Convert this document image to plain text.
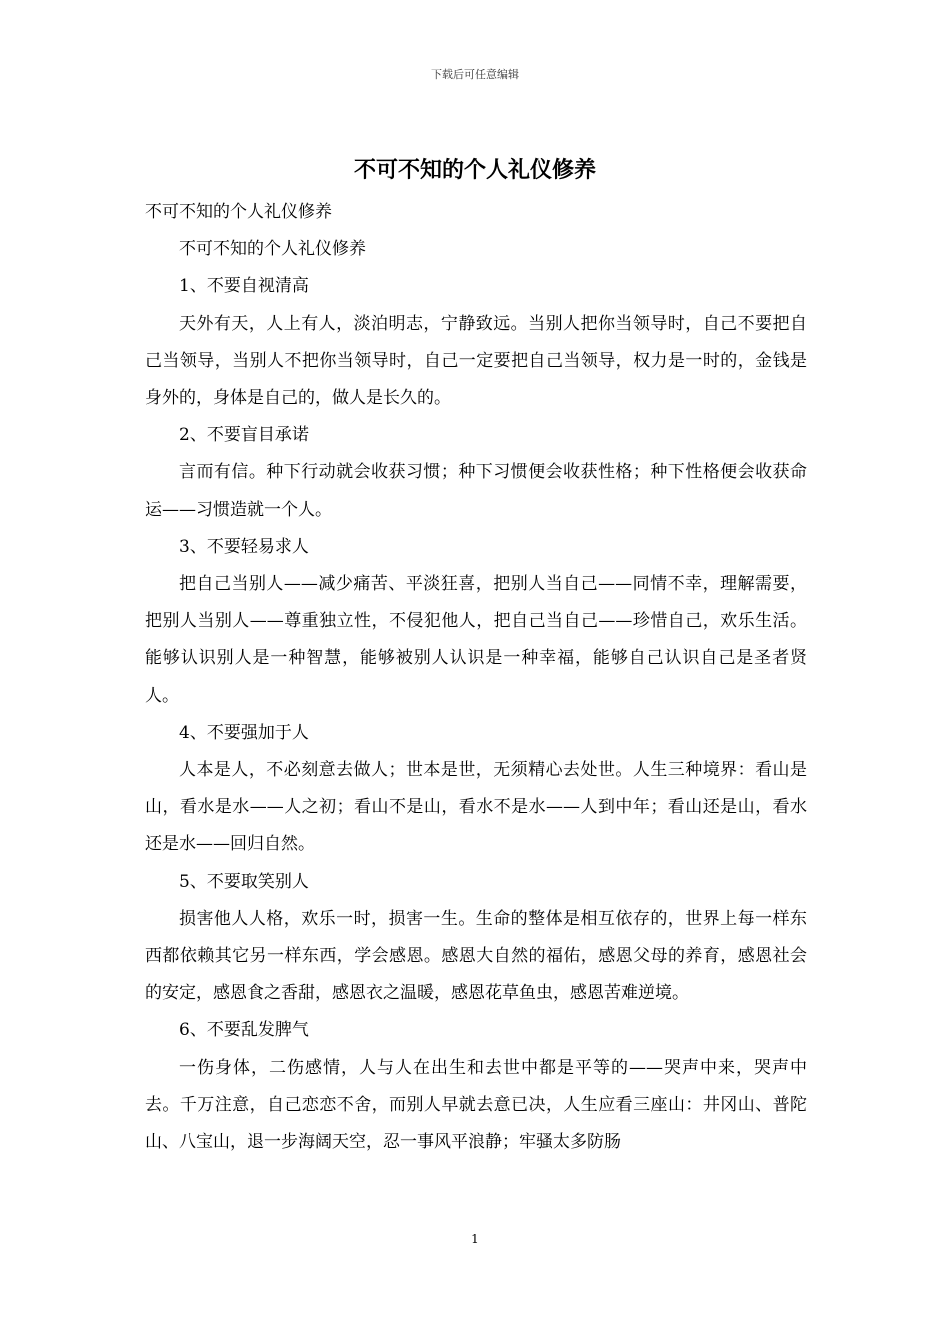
下载后可任意编辑
不可不知的个人礼仪修养

不可不知的个人礼仪修养

不可不知的个人礼仪修养

1、不要自视清高

天外有天，人上有人，淡泊明志，宁静致远。当别人把你当领导时，自己不要把自己当领导，当别人不把你当领导时，自己一定要把自己当领导，权力是一时的，金钱是身外的，身体是自己的，做人是长久的。

2、不要盲目承诺

言而有信。种下行动就会收获习惯；种下习惯便会收获性格；种下性格便会收获命运——习惯造就一个人。

3、不要轻易求人

把自己当别人——减少痛苦、平淡狂喜，把别人当自己——同情不幸，理解需要，把别人当别人——尊重独立性，不侵犯他人，把自己当自己——珍惜自己，欢乐生活。能够认识别人是一种智慧，能够被别人认识是一种幸福，能够自己认识自己是圣者贤人。

4、不要强加于人

人本是人，不必刻意去做人；世本是世，无须精心去处世。人生三种境界：看山是山，看水是水——人之初；看山不是山，看水不是水——人到中年；看山还是山，看水还是水——回归自然。

5、不要取笑别人

损害他人人格，欢乐一时，损害一生。生命的整体是相互依存的，世界上每一样东西都依赖其它另一样东西，学会感恩。感恩大自然的福佑，感恩父母的养育，感恩社会的安定，感恩食之香甜，感恩衣之温暖，感恩花草鱼虫，感恩苦难逆境。

6、不要乱发脾气

一伤身体，二伤感情，人与人在出生和去世中都是平等的——哭声中来，哭声中去。千万注意，自己恋恋不舍，而别人早就去意已决，人生应看三座山：井冈山、普陀山、八宝山，退一步海阔天空，忍一事风平浪静；牢骚太多防肠

1
